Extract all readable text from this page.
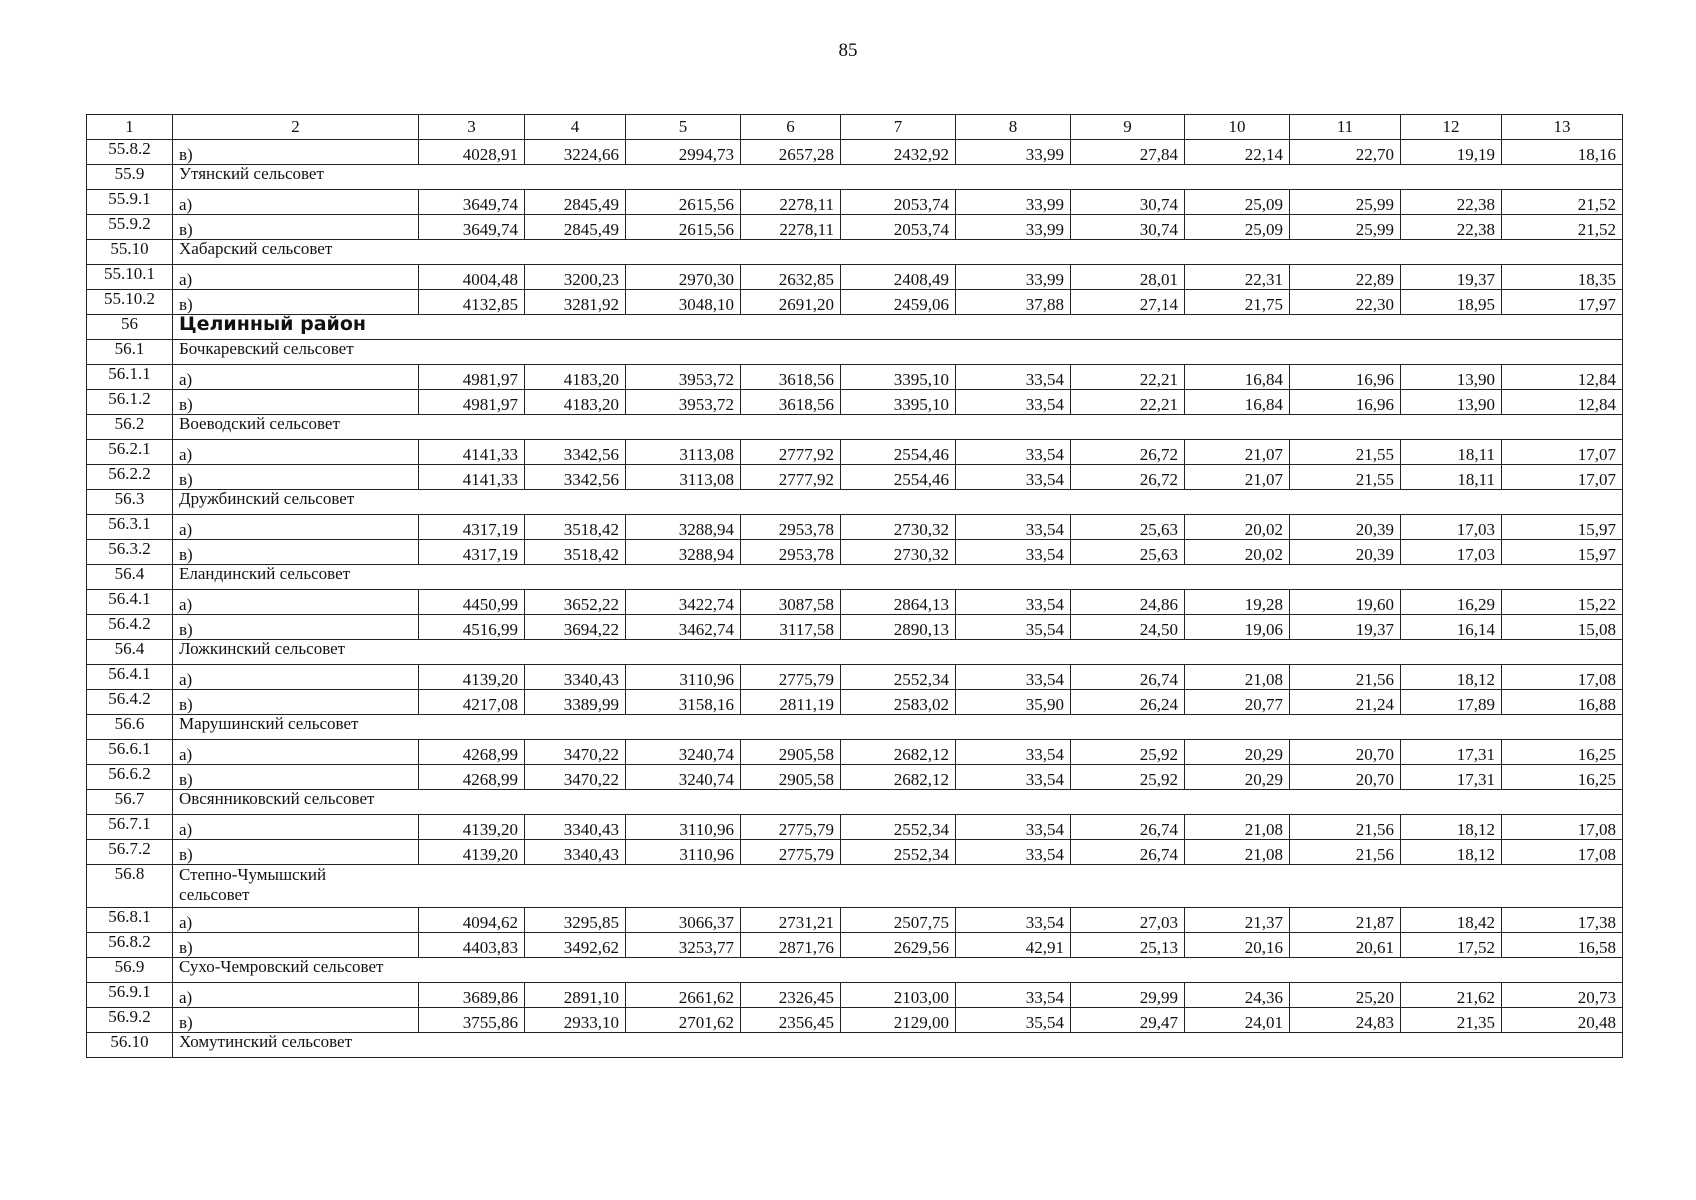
85
1	2	3	4	5	6	7	8	9	10	11	12	13
55.8.2	в)	4028,91	3224,66	2994,73	2657,28	2432,92	33,99	27,84	22,14	22,70	19,19	18,16
55.9	Утянский сельсовет											
55.9.1	а)	3649,74	2845,49	2615,56	2278,11	2053,74	33,99	30,74	25,09	25,99	22,38	21,52
55.9.2	в)	3649,74	2845,49	2615,56	2278,11	2053,74	33,99	30,74	25,09	25,99	22,38	21,52
55.10	Хабарский сельсовет											
55.10.1	а)	4004,48	3200,23	2970,30	2632,85	2408,49	33,99	28,01	22,31	22,89	19,37	18,35
55.10.2	в)	4132,85	3281,92	3048,10	2691,20	2459,06	37,88	27,14	21,75	22,30	18,95	17,97
56	Целинный район											
56.1	Бочкаревский сельсовет											
56.1.1	а)	4981,97	4183,20	3953,72	3618,56	3395,10	33,54	22,21	16,84	16,96	13,90	12,84
56.1.2	в)	4981,97	4183,20	3953,72	3618,56	3395,10	33,54	22,21	16,84	16,96	13,90	12,84
56.2	Воеводский сельсовет											
56.2.1	а)	4141,33	3342,56	3113,08	2777,92	2554,46	33,54	26,72	21,07	21,55	18,11	17,07
56.2.2	в)	4141,33	3342,56	3113,08	2777,92	2554,46	33,54	26,72	21,07	21,55	18,11	17,07
56.3	Дружбинский сельсовет											
56.3.1	а)	4317,19	3518,42	3288,94	2953,78	2730,32	33,54	25,63	20,02	20,39	17,03	15,97
56.3.2	в)	4317,19	3518,42	3288,94	2953,78	2730,32	33,54	25,63	20,02	20,39	17,03	15,97
56.4	Еландинский сельсовет											
56.4.1	а)	4450,99	3652,22	3422,74	3087,58	2864,13	33,54	24,86	19,28	19,60	16,29	15,22
56.4.2	в)	4516,99	3694,22	3462,74	3117,58	2890,13	35,54	24,50	19,06	19,37	16,14	15,08
56.4	Ложкинский сельсовет											
56.4.1	а)	4139,20	3340,43	3110,96	2775,79	2552,34	33,54	26,74	21,08	21,56	18,12	17,08
56.4.2	в)	4217,08	3389,99	3158,16	2811,19	2583,02	35,90	26,24	20,77	21,24	17,89	16,88
56.6	Марушинский сельсовет											
56.6.1	а)	4268,99	3470,22	3240,74	2905,58	2682,12	33,54	25,92	20,29	20,70	17,31	16,25
56.6.2	в)	4268,99	3470,22	3240,74	2905,58	2682,12	33,54	25,92	20,29	20,70	17,31	16,25
56.7	Овсянниковский сельсовет											
56.7.1	а)	4139,20	3340,43	3110,96	2775,79	2552,34	33,54	26,74	21,08	21,56	18,12	17,08
56.7.2	в)	4139,20	3340,43	3110,96	2775,79	2552,34	33,54	26,74	21,08	21,56	18,12	17,08
56.8	Степно-Чумышский сельсовет											

56.8.1	а)	4094,62	3295,85	3066,37	2731,21	2507,75	33,54	27,03	21,37	21,87	18,42	17,38
56.8.2	в)	4403,83	3492,62	3253,77	2871,76	2629,56	42,91	25,13	20,16	20,61	17,52	16,58
56.9	Сухо-Чемровский сельсовет											
56.9.1	а)	3689,86	2891,10	2661,62	2326,45	2103,00	33,54	29,99	24,36	25,20	21,62	20,73
56.9.2	в)	3755,86	2933,10	2701,62	2356,45	2129,00	35,54	29,47	24,01	24,83	21,35	20,48
56.10	Хомутинский сельсовет											
